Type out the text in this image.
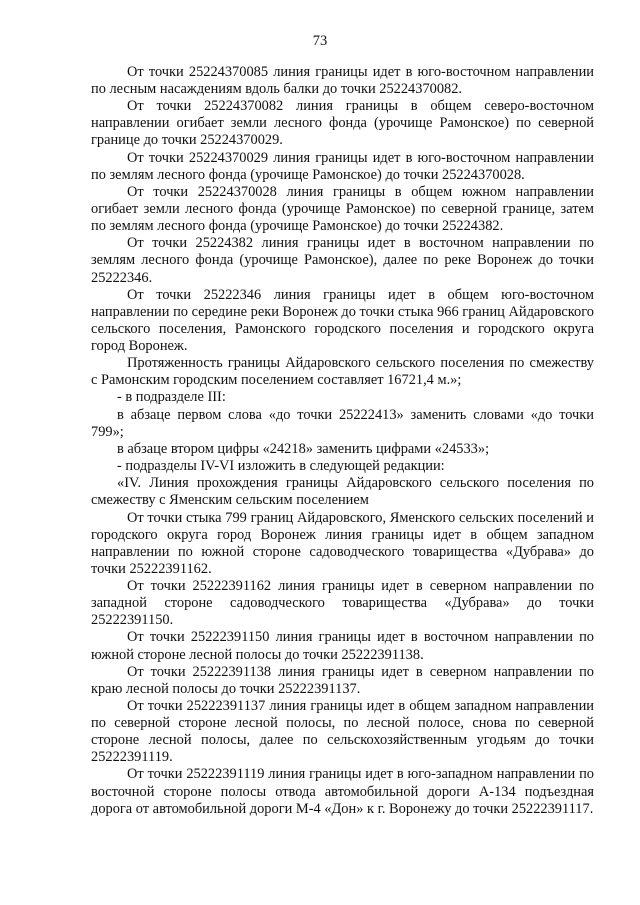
73

От точки 25224370085 линия границы идет в юго-восточном направлении по лесным насаждениям вдоль балки до точки 25224370082.

От точки 25224370082 линия границы в общем северо-восточном направлении огибает земли лесного фонда (урочище Рамонское) по северной границе до точки 25224370029.

От точки 25224370029 линия границы идет в юго-восточном направлении по землям лесного фонда (урочище Рамонское) до точки 25224370028.

От точки 25224370028 линия границы в общем южном направлении огибает земли лесного фонда (урочище Рамонское) по северной границе, затем по землям лесного фонда (урочище Рамонское) до точки 25224382.

От точки 25224382 линия границы идет в восточном направлении по землям лесного фонда (урочище Рамонское), далее по реке Воронеж до точки 25222346.

От точки 25222346 линия границы идет в общем юго-восточном направлении по середине реки Воронеж до точки стыка 966 границ Айдаровского сельского поселения, Рамонского городского поселения и городского округа город Воронеж.

Протяженность границы Айдаровского сельского поселения по смежеству с Рамонским городским поселением составляет 16721,4 м.»;

- в подразделе III:

в абзаце первом слова «до точки 25222413» заменить словами «до точки 799»;

в абзаце втором цифры «24218» заменить цифрами «24533»;

- подразделы IV-VI изложить в следующей редакции:

«IV. Линия прохождения границы Айдаровского сельского поселения по смежеству с Яменским сельским поселением

От точки стыка 799 границ Айдаровского, Яменского сельских поселений и городского округа город Воронеж линия границы идет в общем западном направлении по южной стороне садоводческого товарищества «Дубрава» до точки 25222391162.

От точки 25222391162 линия границы идет в северном направлении по западной стороне садоводческого товарищества «Дубрава» до точки 25222391150.

От точки 25222391150 линия границы идет в восточном направлении по южной стороне лесной полосы до точки 25222391138.

От точки 25222391138 линия границы идет в северном направлении по краю лесной полосы до точки 25222391137.

От точки 25222391137 линия границы идет в общем западном направлении по северной стороне лесной полосы, по лесной полосе, снова по северной стороне лесной полосы, далее по сельскохозяйственным угодьям до точки 25222391119.

От точки 25222391119 линия границы идет в юго-западном направлении по восточной стороне полосы отвода автомобильной дороги А-134 подъездная дорога от автомобильной дороги М-4 «Дон» к г. Воронежу до точки 25222391117.
